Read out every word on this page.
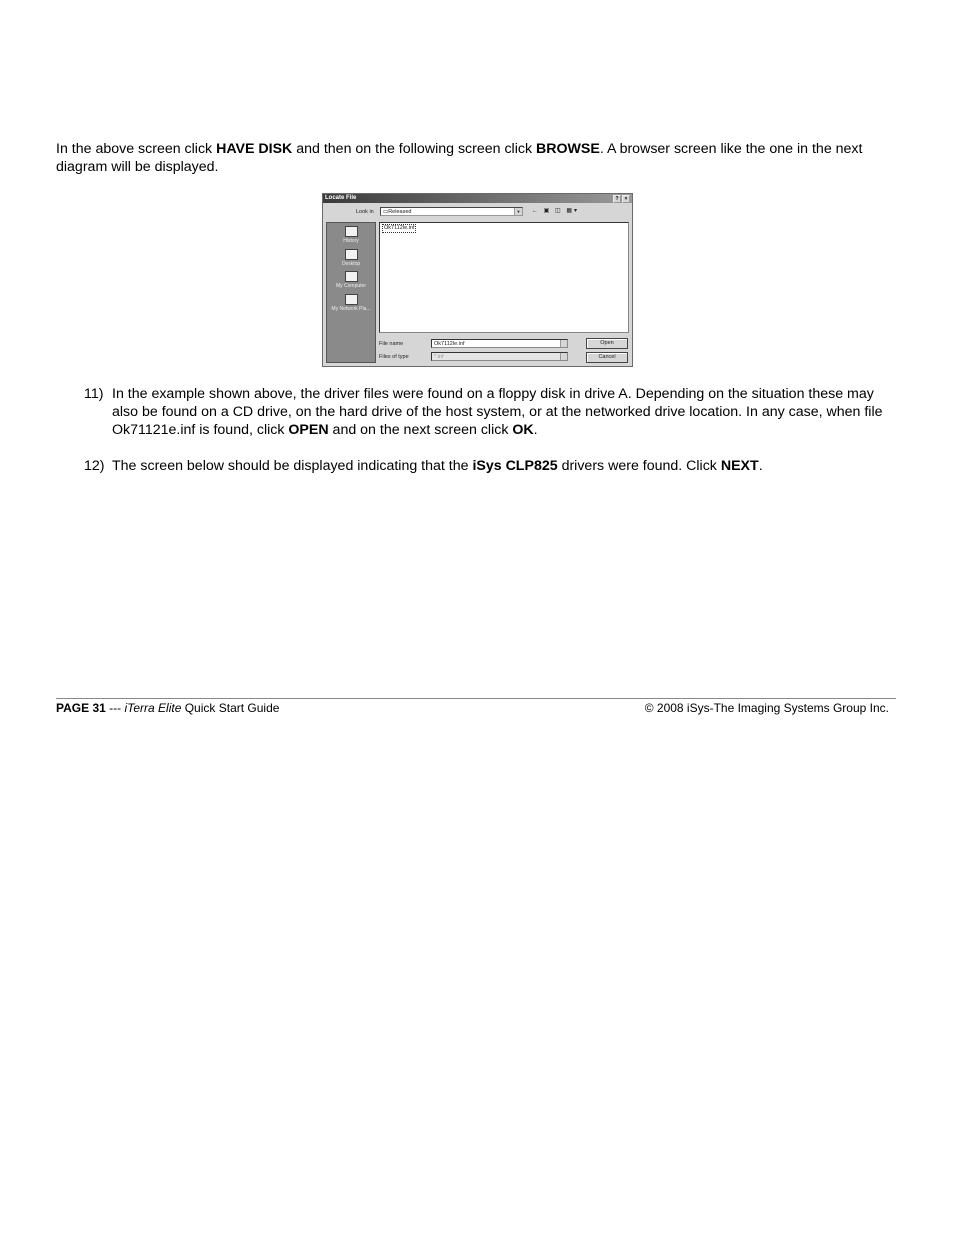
In the above screen click HAVE DISK and then on the following screen click BROWSE. A browser screen like the one in the next diagram will be displayed.
Locate File	? ×
Look in	▭Released	▼ ← ▣ ◫ ▦▾
History
Desktop
My Computer
My Network Pla...
Ok7112le.inf
File name	Ok7112le.inf
Files of type	*.inf
Open
Cancel
11) In the example shown above, the driver files were found on a floppy disk in drive A. Depending on the situation these may also be found on a CD drive, on the hard drive of the host system, or at the networked drive location. In any case, when file Ok71121e.inf is found, click OPEN and on the next screen click OK.
12) The screen below should be displayed indicating that the iSys CLP825 drivers were found. Click NEXT.
PAGE 31 --- iTerra Elite Quick Start Guide	© 2008 iSys-The Imaging Systems Group Inc.
